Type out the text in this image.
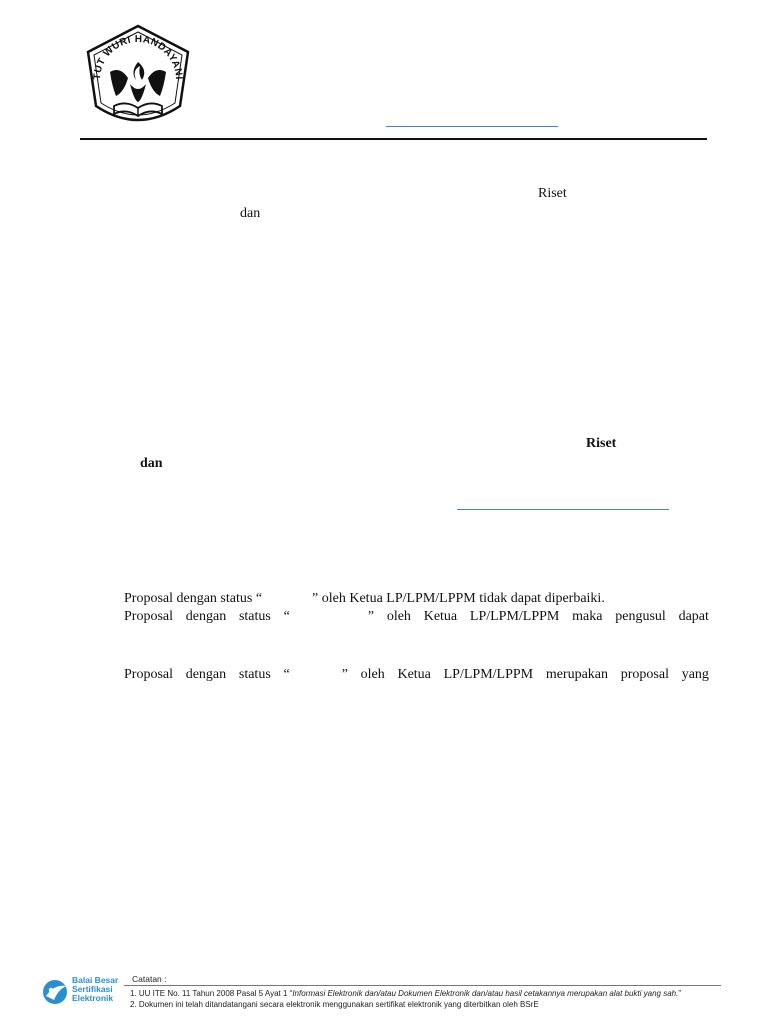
TUT WURI HANDAYANI
Riset
dan
Riset
dan
Proposal dengan status “	” oleh Ketua LP/LPM/LPPM tidak dapat diperbaiki.
Proposal dengan status “	” oleh Ketua LP/LPM/LPPM maka pengusul dapat
Proposal dengan status “	” oleh Ketua LP/LPM/LPPM merupakan proposal yang
Balai Besar
Sertifikasi
Elektronik
Catatan :
1. UU ITE No. 11 Tahun 2008 Pasal 5 Ayat 1 “Informasi Elektronik dan/atau Dokumen Elektronik dan/atau hasil cetakannya merupakan alat bukti yang sah.”
2. Dokumen ini telah ditandatangani secara elektronik menggunakan sertifikat elektronik yang diterbitkan oleh BSrE
